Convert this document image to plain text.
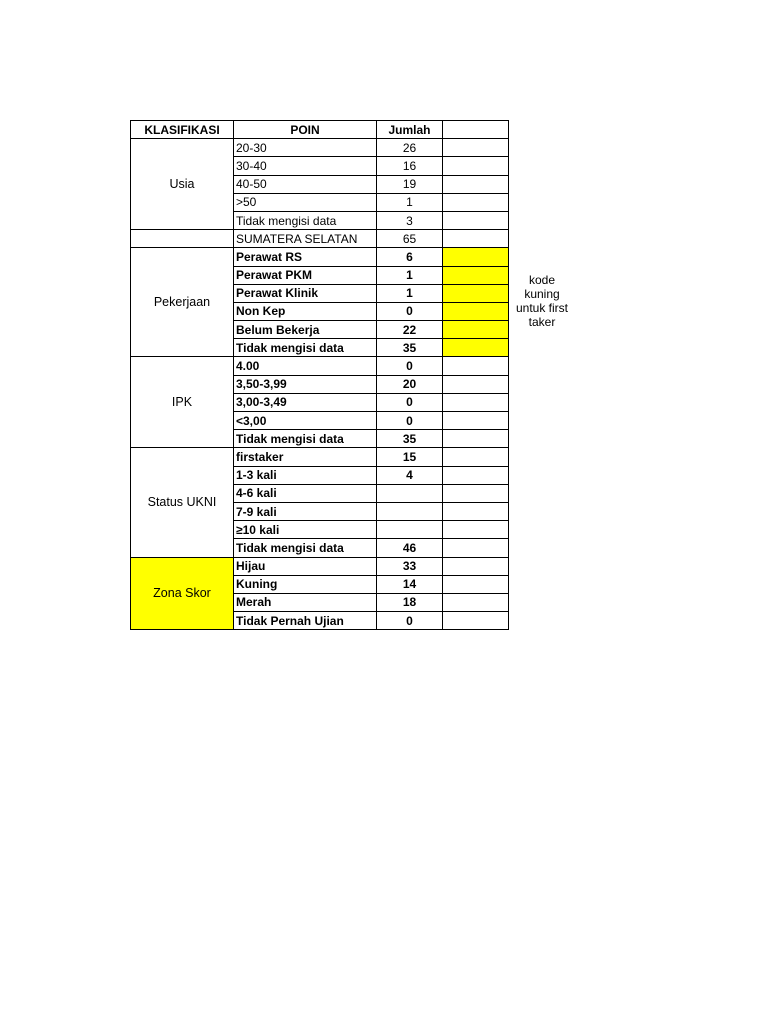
KLASIFIKASI	POIN	Jumlah	
Usia	20-30	26	
	30-40	16	
	40-50	19	
	>50	1	
	Tidak mengisi data	3	
	SUMATERA SELATAN	65	
Pekerjaan	Perawat RS	6	
	Perawat PKM	1	
	Perawat Klinik	1	
	Non Kep	0	
	Belum Bekerja	22	
	Tidak mengisi data	35	
IPK	4.00	0	
	3,50-3,99	20	
	3,00-3,49	0	
	<3,00	0	
	Tidak mengisi data	35	
Status UKNI	firstaker	15	
	1-3 kali	4	
	4-6 kali		
	7-9 kali		
	≥10 kali		
	Tidak mengisi data	46	
Zona Skor	Hijau	33	
	Kuning	14	
	Merah	18	
	Tidak Pernah Ujian	0	
kode
kuning
untuk first
taker
